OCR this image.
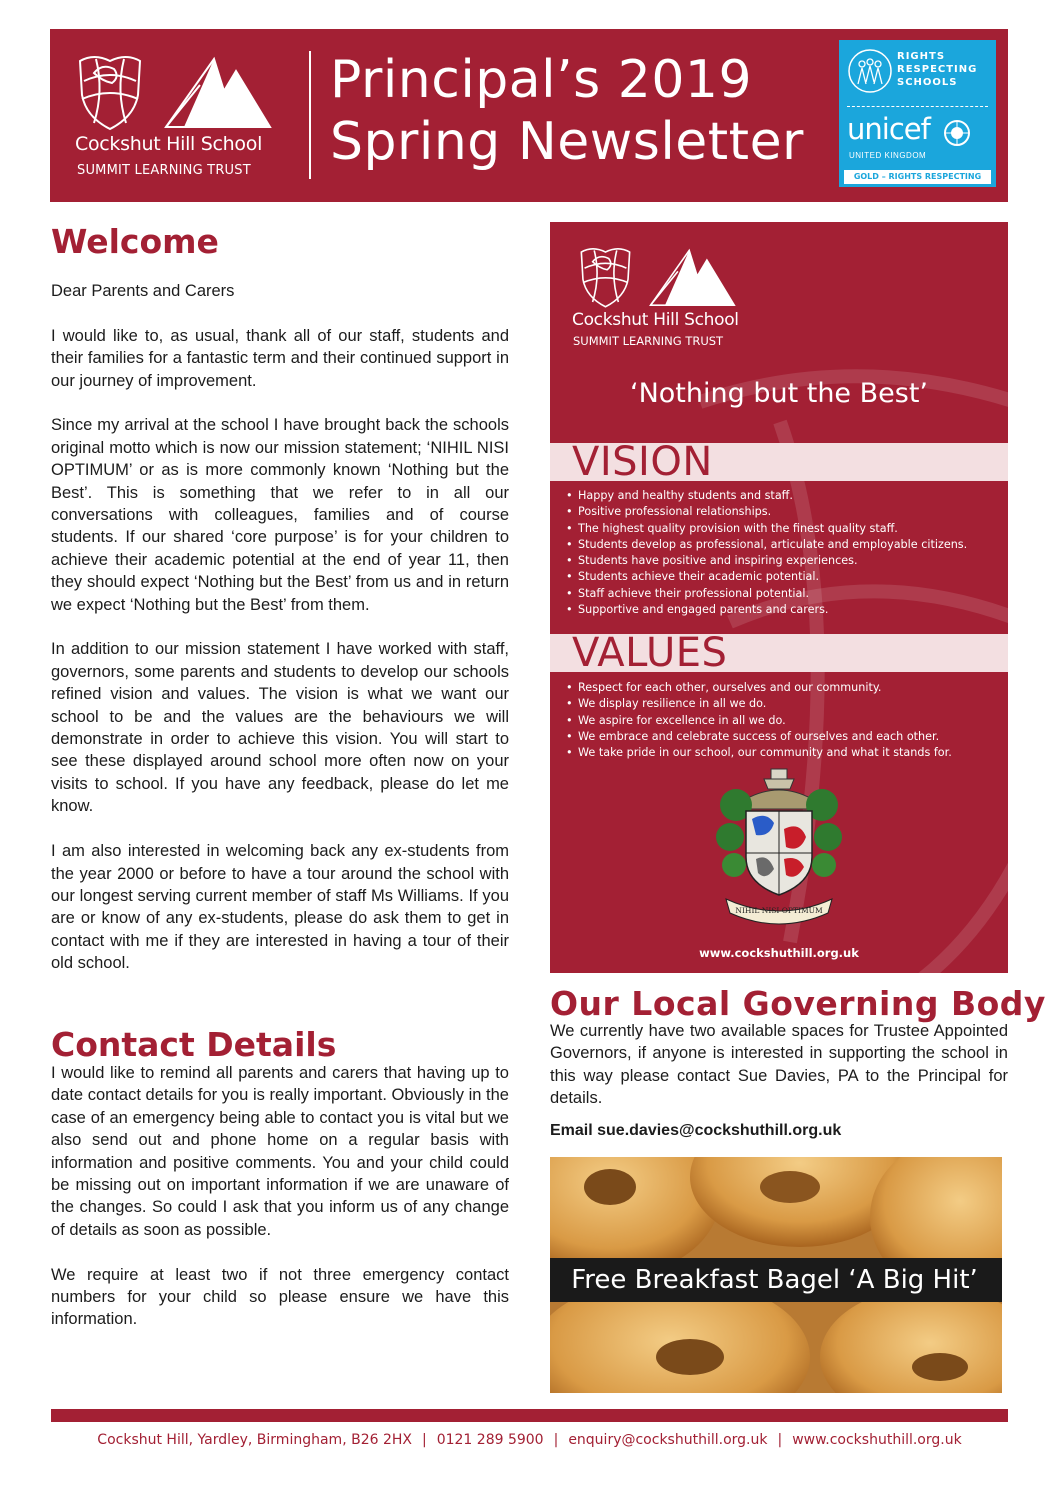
Cockshut Hill School
SUMMIT LEARNING TRUST
Principal’s 2019
Spring Newsletter
RIGHTS
RESPECTING
SCHOOLS
unicef
UNITED KINGDOM
GOLD – RIGHTS RESPECTING
Welcome

Dear Parents and Carers

I would like to, as usual, thank all of our staff, students and their families for a fantastic term and their continued support in our journey of improvement.

Since my arrival at the school I have brought back the schools original motto which is now our mission statement; ‘NIHIL NISI OPTIMUM’ or as is more commonly known ‘Nothing but the Best’. This is something that we refer to in all our conversations with colleagues, families and of course students. If our shared ‘core purpose’ is for your children to achieve their academic potential at the end of year 11, then they should expect ‘Nothing but the Best’ from us and in return we expect ‘Nothing but the Best’ from them.

In addition to our mission statement I have worked with staff, governors, some parents and students to develop our schools refined vision and values. The vision is what we want our school to be and the values are the behaviours we will demonstrate in order to achieve this vision. You will start to see these displayed around school more often now on your visits to school. If you have any feedback, please do let me know.

I am also interested in welcoming back any ex-students from the year 2000 or before to have a tour around the school with our longest serving current member of staff Ms Williams. If you are or know of any ex-students, please do ask them to get in contact with me if they are interested in having a tour of their old school.

Contact Details

I would like to remind all parents and carers that having up to date contact details for you is really important. Obviously in the case of an emergency being able to contact you is vital but we also send out and phone home on a regular basis with information and positive comments. You and your child could be missing out on important information if we are unaware of the changes. So could I ask that you inform us of any change of details as soon as possible.

We require at least two if not three emergency contact numbers for your child so please ensure we have this information.

Cockshut Hill School
SUMMIT LEARNING TRUST
‘Nothing but the Best’
VISION
• Happy and healthy students and staff.
• Positive professional relationships.
• The highest quality provision with the finest quality staff.
• Students develop as professional, articulate and employable citizens.
• Students have positive and inspiring experiences.
• Students achieve their academic potential.
• Staff achieve their professional potential.
• Supportive and engaged parents and carers.
VALUES
• Respect for each other, ourselves and our community.
• We display resilience in all we do.
• We aspire for excellence in all we do.
• We embrace and celebrate success of ourselves and each other.
• We take pride in our school, our community and what it stands for.
NIHIL NISI OPTIMUM
www.cockshuthill.org.uk
Our Local Governing Body

We currently have two available spaces for Trustee Appointed Governors, if anyone is interested in supporting the school in this way please contact Sue Davies, PA to the Principal for details.

Email sue.davies@cockshuthill.org.uk
Free Breakfast Bagel ‘A Big Hit’
Cockshut Hill, Yardley, Birmingham, B26 2HX | 0121 289 5900 | enquiry@cockshuthill.org.uk | www.cockshuthill.org.uk
